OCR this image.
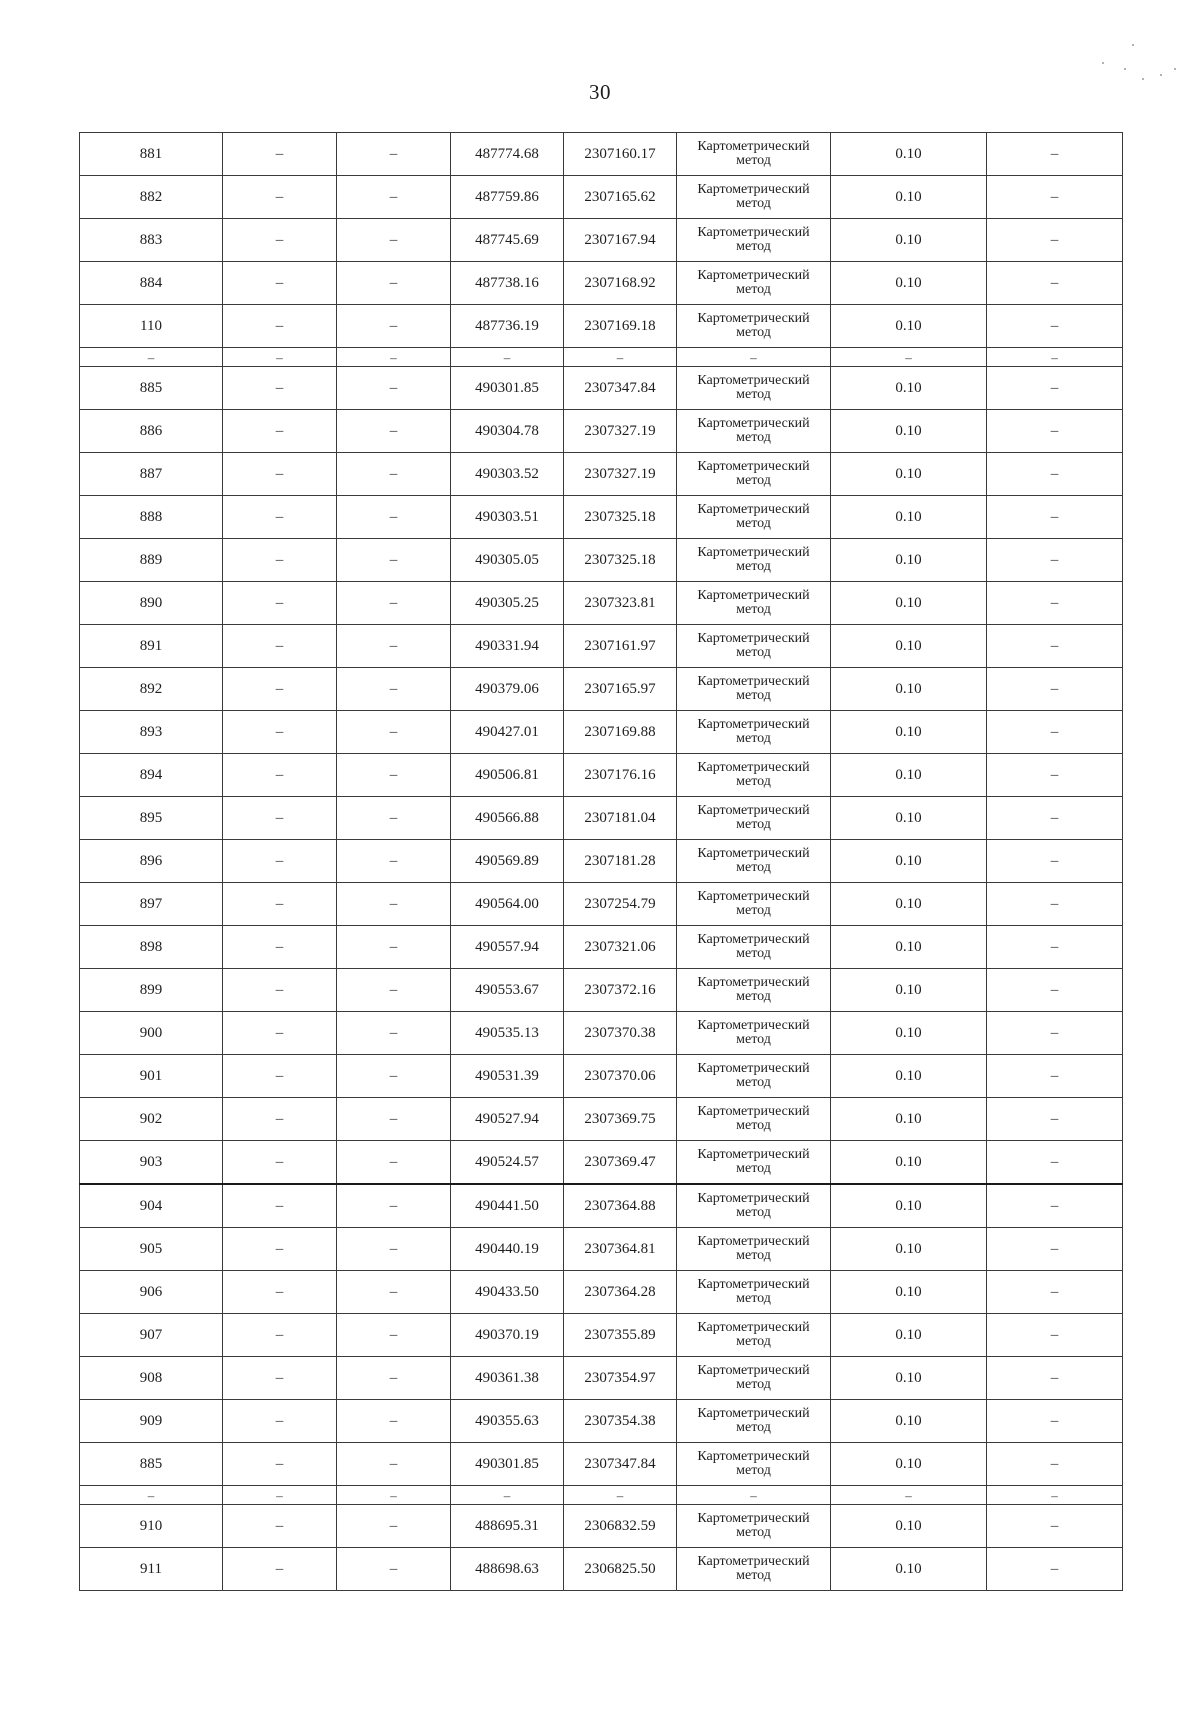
30
881	–	–	487774.68	2307160.17	Картометрический метод	0.10	–
882	–	–	487759.86	2307165.62	Картометрический метод	0.10	–
883	–	–	487745.69	2307167.94	Картометрический метод	0.10	–
884	–	–	487738.16	2307168.92	Картометрический метод	0.10	–
110	–	–	487736.19	2307169.18	Картометрический метод	0.10	–
–	–	–	–	–	–	–	–
885	–	–	490301.85	2307347.84	Картометрический метод	0.10	–
886	–	–	490304.78	2307327.19	Картометрический метод	0.10	–
887	–	–	490303.52	2307327.19	Картометрический метод	0.10	–
888	–	–	490303.51	2307325.18	Картометрический метод	0.10	–
889	–	–	490305.05	2307325.18	Картометрический метод	0.10	–
890	–	–	490305.25	2307323.81	Картометрический метод	0.10	–
891	–	–	490331.94	2307161.97	Картометрический метод	0.10	–
892	–	–	490379.06	2307165.97	Картометрический метод	0.10	–
893	–	–	490427.01	2307169.88	Картометрический метод	0.10	–
894	–	–	490506.81	2307176.16	Картометрический метод	0.10	–
895	–	–	490566.88	2307181.04	Картометрический метод	0.10	–
896	–	–	490569.89	2307181.28	Картометрический метод	0.10	–
897	–	–	490564.00	2307254.79	Картометрический метод	0.10	–
898	–	–	490557.94	2307321.06	Картометрический метод	0.10	–
899	–	–	490553.67	2307372.16	Картометрический метод	0.10	–
900	–	–	490535.13	2307370.38	Картометрический метод	0.10	–
901	–	–	490531.39	2307370.06	Картометрический метод	0.10	–
902	–	–	490527.94	2307369.75	Картометрический метод	0.10	–
903	–	–	490524.57	2307369.47	Картометрический метод	0.10	–
904	–	–	490441.50	2307364.88	Картометрический метод	0.10	–
905	–	–	490440.19	2307364.81	Картометрический метод	0.10	–
906	–	–	490433.50	2307364.28	Картометрический метод	0.10	–
907	–	–	490370.19	2307355.89	Картометрический метод	0.10	–
908	–	–	490361.38	2307354.97	Картометрический метод	0.10	–
909	–	–	490355.63	2307354.38	Картометрический метод	0.10	–
885	–	–	490301.85	2307347.84	Картометрический метод	0.10	–
–	–	–	–	–	–	–	–
910	–	–	488695.31	2306832.59	Картометрический метод	0.10	–
911	–	–	488698.63	2306825.50	Картометрический метод	0.10	–
